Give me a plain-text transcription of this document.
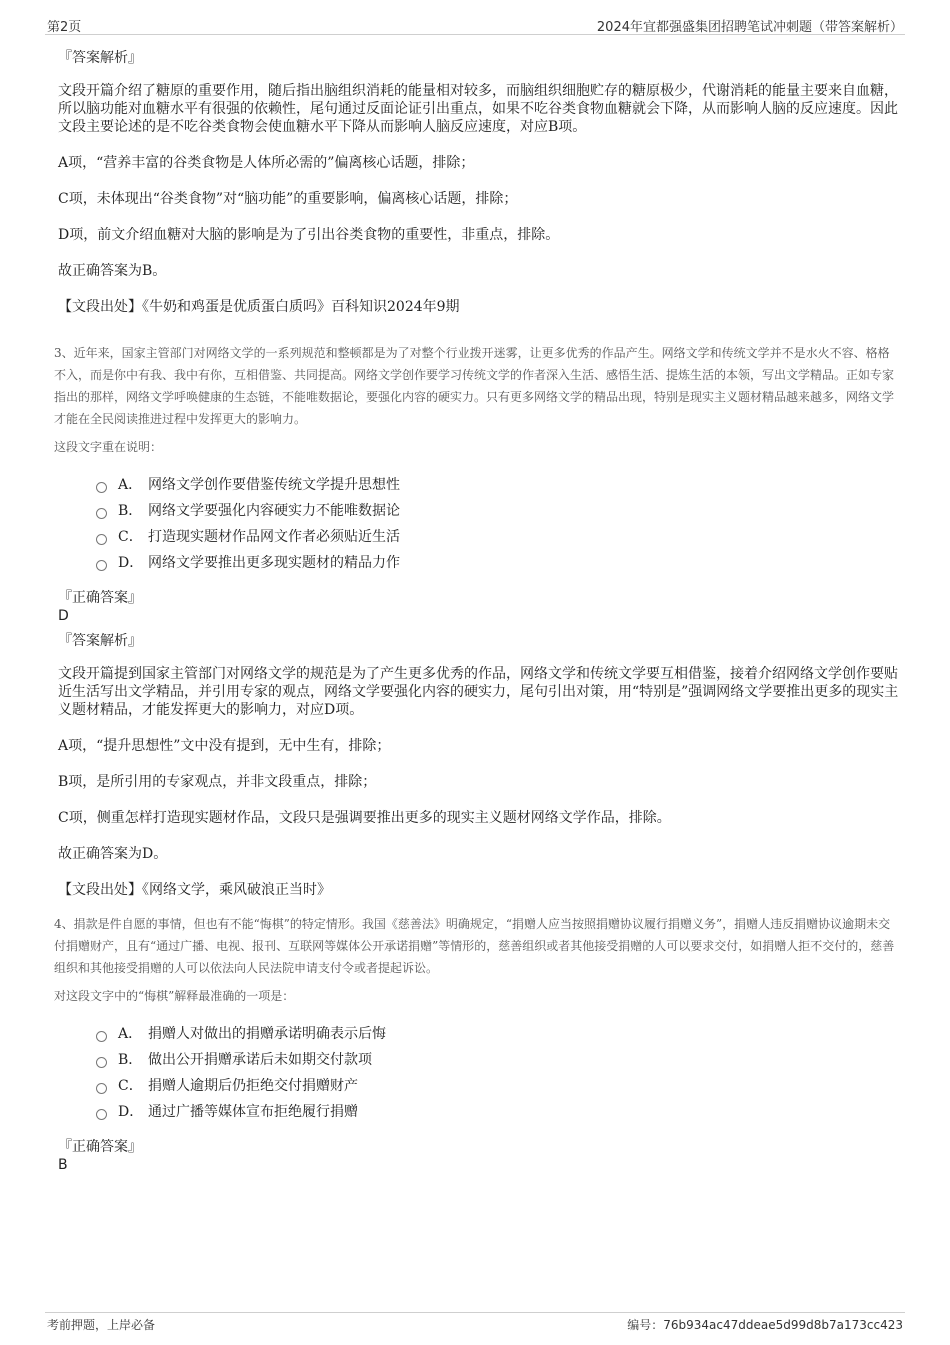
第2页	2024年宜都强盛集团招聘笔试冲刺题（带答案解析）
『答案解析』
文段开篇介绍了糖原的重要作用，随后指出脑组织消耗的能量相对较多，而脑组织细胞贮存的糖原极少，代谢消耗的能量主要来自血糖，所以脑功能对血糖水平有很强的依赖性，尾句通过反面论证引出重点，如果不吃谷类食物血糖就会下降，从而影响人脑的反应速度。因此文段主要论述的是不吃谷类食物会使血糖水平下降从而影响人脑反应速度，对应B项。
A项，“营养丰富的谷类食物是人体所必需的”偏离核心话题，排除；
C项，未体现出“谷类食物”对“脑功能”的重要影响，偏离核心话题，排除；
D项，前文介绍血糖对大脑的影响是为了引出谷类食物的重要性，非重点，排除。
故正确答案为B。
【文段出处】《牛奶和鸡蛋是优质蛋白质吗》百科知识2024年9期
3、近年来，国家主管部门对网络文学的一系列规范和整顿都是为了对整个行业拨开迷雾，让更多优秀的作品产生。网络文学和传统文学并不是水火不容、格格不入，而是你中有我、我中有你，互相借鉴、共同提高。网络文学创作要学习传统文学的作者深入生活、感悟生活、提炼生活的本领，写出文学精品。正如专家指出的那样，网络文学呼唤健康的生态链，不能唯数据论，要强化内容的硬实力。只有更多网络文学的精品出现，特别是现实主义题材精品越来越多，网络文学才能在全民阅读推进过程中发挥更大的影响力。
这段文字重在说明：
A． 网络文学创作要借鉴传统文学提升思想性
B． 网络文学要强化内容硬实力不能唯数据论
C． 打造现实题材作品网文作者必须贴近生活
D． 网络文学要推出更多现实题材的精品力作
『正确答案』
D
『答案解析』
文段开篇提到国家主管部门对网络文学的规范是为了产生更多优秀的作品，网络文学和传统文学要互相借鉴，接着介绍网络文学创作要贴近生活写出文学精品，并引用专家的观点，网络文学要强化内容的硬实力，尾句引出对策，用“特别是”强调网络文学要推出更多的现实主义题材精品，才能发挥更大的影响力，对应D项。
A项，“提升思想性”文中没有提到，无中生有，排除；
B项，是所引用的专家观点，并非文段重点，排除；
C项，侧重怎样打造现实题材作品，文段只是强调要推出更多的现实主义题材网络文学作品，排除。
故正确答案为D。
【文段出处】《网络文学，乘风破浪正当时》
4、捐款是件自愿的事情，但也有不能“悔棋”的特定情形。我国《慈善法》明确规定，“捐赠人应当按照捐赠协议履行捐赠义务”，捐赠人违反捐赠协议逾期未交付捐赠财产，且有“通过广播、电视、报刊、互联网等媒体公开承诺捐赠”等情形的，慈善组织或者其他接受捐赠的人可以要求交付，如捐赠人拒不交付的，慈善组织和其他接受捐赠的人可以依法向人民法院申请支付令或者提起诉讼。
对这段文字中的“悔棋”解释最准确的一项是：
A． 捐赠人对做出的捐赠承诺明确表示后悔
B． 做出公开捐赠承诺后未如期交付款项
C． 捐赠人逾期后仍拒绝交付捐赠财产
D． 通过广播等媒体宣布拒绝履行捐赠
『正确答案』
B
考前押题，上岸必备	编号：76b934ac47ddeae5d99d8b7a173cc423
